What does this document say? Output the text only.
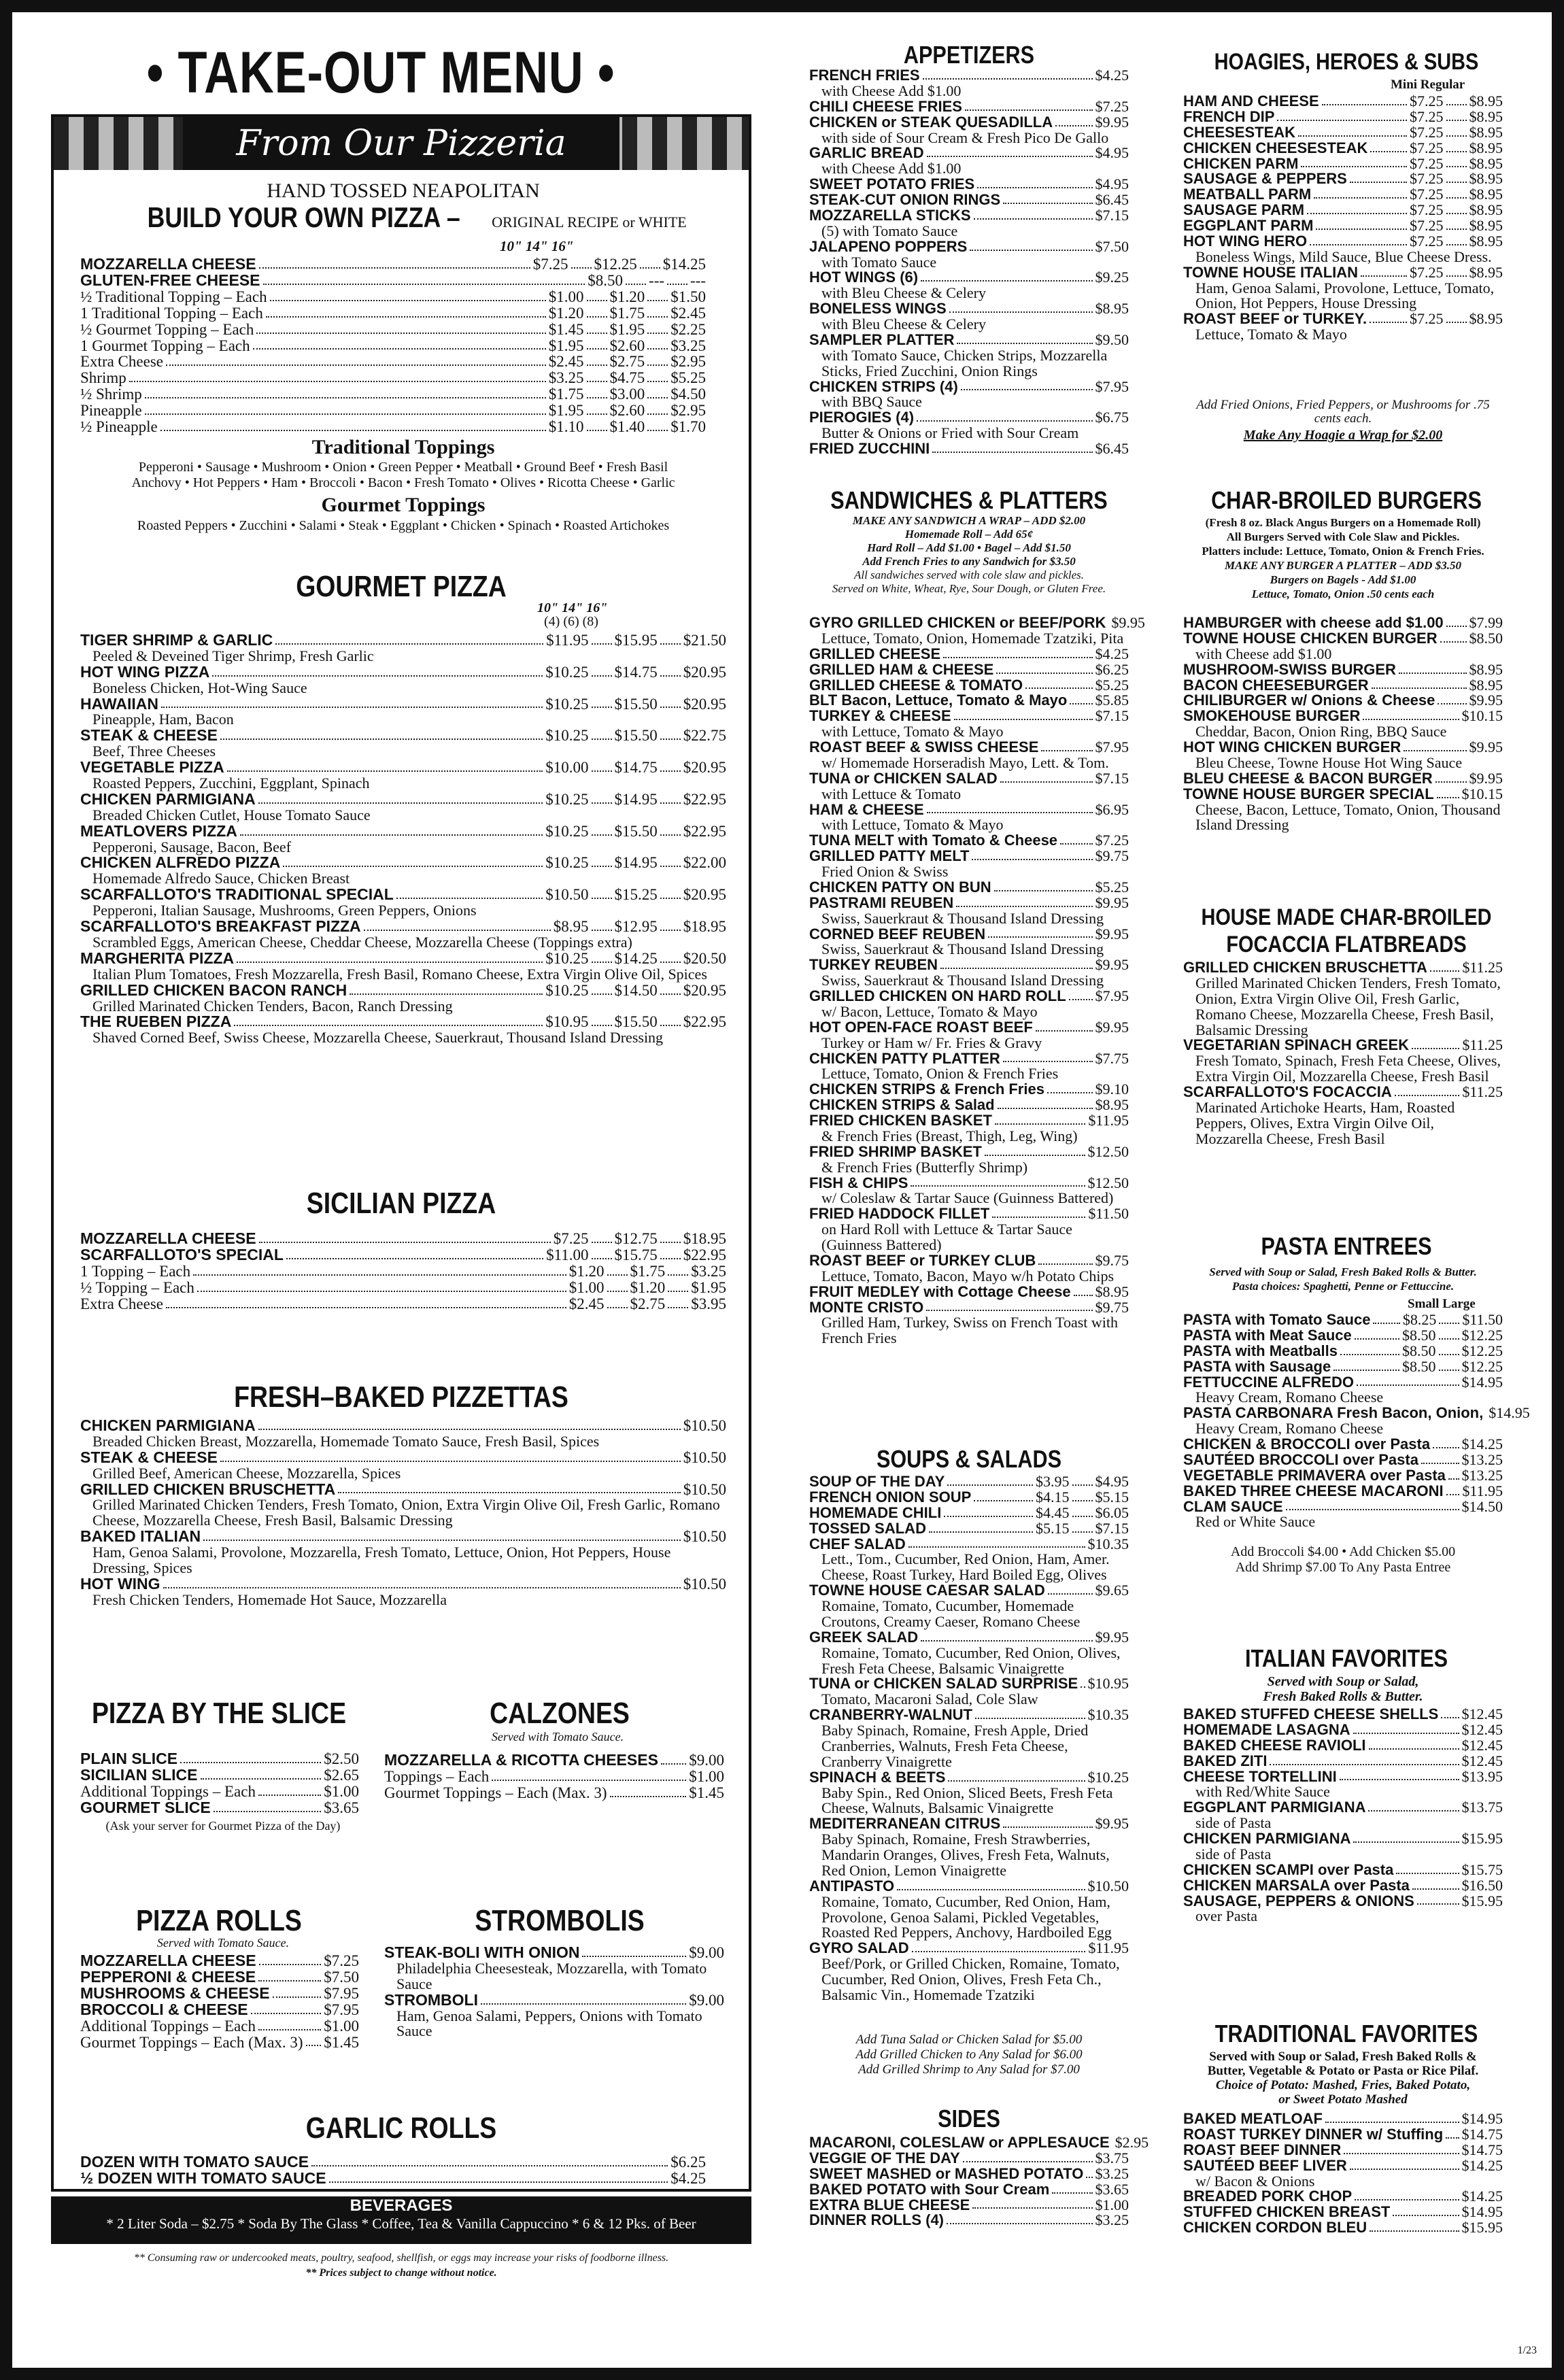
• TAKE-OUT MENU •
From Our Pizzeria
HAND TOSSED NEAPOLITAN
BUILD YOUR OWN PIZZA – ORIGINAL RECIPE or WHITE
10" 14" 16"
MOZZARELLA CHEESE	$7.25 $12.25 $14.25
GLUTEN-FREE CHEESE	$8.50 --- ---
½ Traditional Topping – Each	$1.00 $1.20 $1.50
1 Traditional Topping – Each	$1.20 $1.75 $2.45
½ Gourmet Topping – Each	$1.45 $1.95 $2.25
1 Gourmet Topping – Each	$1.95 $2.60 $3.25
Extra Cheese	$2.45 $2.75 $2.95
Shrimp	$3.25 $4.75 $5.25
½ Shrimp	$1.75 $3.00 $4.50
Pineapple	$1.95 $2.60 $2.95
½ Pineapple	$1.10 $1.40 $1.70
Traditional Toppings
Pepperoni • Sausage • Mushroom • Onion • Green Pepper • Meatball • Ground Beef • Fresh Basil
Anchovy • Hot Peppers • Ham • Broccoli • Bacon • Fresh Tomato • Olives • Ricotta Cheese • Garlic
Gourmet Toppings
Roasted Peppers • Zucchini • Salami • Steak • Eggplant • Chicken • Spinach • Roasted Artichokes
GOURMET PIZZA
10" 14" 16"
(4) (6) (8)
TIGER SHRIMP & GARLIC	$11.95 $15.95 $21.50
Peeled & Deveined Tiger Shrimp, Fresh Garlic
HOT WING PIZZA	$10.25 $14.75 $20.95
Boneless Chicken, Hot-Wing Sauce
HAWAIIAN	$10.25 $15.50 $20.95
Pineapple, Ham, Bacon
STEAK & CHEESE	$10.25 $15.50 $22.75
Beef, Three Cheeses
VEGETABLE PIZZA	$10.00 $14.75 $20.95
Roasted Peppers, Zucchini, Eggplant, Spinach
CHICKEN PARMIGIANA	$10.25 $14.95 $22.95
Breaded Chicken Cutlet, House Tomato Sauce
MEATLOVERS PIZZA	$10.25 $15.50 $22.95
Pepperoni, Sausage, Bacon, Beef
CHICKEN ALFREDO PIZZA	$10.25 $14.95 $22.00
Homemade Alfredo Sauce, Chicken Breast
SCARFALLOTO'S TRADITIONAL SPECIAL	$10.50 $15.25 $20.95
Pepperoni, Italian Sausage, Mushrooms, Green Peppers, Onions
SCARFALLOTO'S BREAKFAST PIZZA	$8.95 $12.95 $18.95
Scrambled Eggs, American Cheese, Cheddar Cheese, Mozzarella Cheese (Toppings extra)
MARGHERITA PIZZA	$10.25 $14.25 $20.50
Italian Plum Tomatoes, Fresh Mozzarella, Fresh Basil, Romano Cheese, Extra Virgin Olive Oil, Spices
GRILLED CHICKEN BACON RANCH	$10.25 $14.50 $20.95
Grilled Marinated Chicken Tenders, Bacon, Ranch Dressing
THE RUEBEN PIZZA	$10.95 $15.50 $22.95
Shaved Corned Beef, Swiss Cheese, Mozzarella Cheese, Sauerkraut, Thousand Island Dressing
SICILIAN PIZZA
MOZZARELLA CHEESE	$7.25 $12.75 $18.95
SCARFALLOTO'S SPECIAL	$11.00 $15.75 $22.95
1 Topping – Each	$1.20 $1.75 $3.25
½ Topping – Each	$1.00 $1.20 $1.95
Extra Cheese	$2.45 $2.75 $3.95
FRESH–BAKED PIZZETTAS
CHICKEN PARMIGIANA	$10.50
Breaded Chicken Breast, Mozzarella, Homemade Tomato Sauce, Fresh Basil, Spices
STEAK & CHEESE	$10.50
Grilled Beef, American Cheese, Mozzarella, Spices
GRILLED CHICKEN BRUSCHETTA	$10.50
Grilled Marinated Chicken Tenders, Fresh Tomato, Onion, Extra Virgin Olive Oil, Fresh Garlic, Romano Cheese, Mozzarella Cheese, Fresh Basil, Balsamic Dressing
BAKED ITALIAN	$10.50
Ham, Genoa Salami, Provolone, Mozzarella, Fresh Tomato, Lettuce, Onion, Hot Peppers, House Dressing, Spices
HOT WING	$10.50
Fresh Chicken Tenders, Homemade Hot Sauce, Mozzarella
PIZZA BY THE SLICE
PLAIN SLICE	$2.50
SICILIAN SLICE	$2.65
Additional Toppings – Each	$1.00
GOURMET SLICE	$3.65
(Ask your server for Gourmet Pizza of the Day)
CALZONES
Served with Tomato Sauce.
MOZZARELLA & RICOTTA CHEESES $9.00
Toppings – Each	$1.00
Gourmet Toppings – Each (Max. 3)	$1.45
PIZZA ROLLS
Served with Tomato Sauce.
MOZZARELLA CHEESE	$7.25
PEPPERONI & CHEESE	$7.50
MUSHROOMS & CHEESE	$7.95
BROCCOLI & CHEESE	$7.95
Additional Toppings – Each	$1.00
Gourmet Toppings – Each (Max. 3) $1.45
STROMBOLIS
STEAK-BOLI WITH ONION	$9.00
Philadelphia Cheesesteak, Mozzarella, with Tomato Sauce
STROMBOLI	$9.00
Ham, Genoa Salami, Peppers, Onions with Tomato Sauce
GARLIC ROLLS
DOZEN WITH TOMATO SAUCE	$6.25
½ DOZEN WITH TOMATO SAUCE	$4.25
APPETIZERS
FRENCH FRIES	$4.25
with Cheese Add $1.00
CHILI CHEESE FRIES	$7.25
CHICKEN or STEAK QUESADILLA	$9.95
with side of Sour Cream & Fresh Pico De Gallo
GARLIC BREAD	$4.95
with Cheese Add $1.00
SWEET POTATO FRIES	$4.95
STEAK-CUT ONION RINGS	$6.45
MOZZARELLA STICKS	$7.15
(5) with Tomato Sauce
JALAPENO POPPERS	$7.50
with Tomato Sauce
HOT WINGS (6)	$9.25
with Bleu Cheese & Celery
BONELESS WINGS	$8.95
with Bleu Cheese & Celery
SAMPLER PLATTER	$9.50
with Tomato Sauce, Chicken Strips, Mozzarella Sticks, Fried Zucchini, Onion Rings
CHICKEN STRIPS (4)	$7.95
with BBQ Sauce
PIEROGIES (4)	$6.75
Butter & Onions or Fried with Sour Cream
FRIED ZUCCHINI	$6.45
SANDWICHES & PLATTERS
MAKE ANY SANDWICH A WRAP – ADD $2.00
Homemade Roll – Add 65¢
Hard Roll – Add $1.00 • Bagel – Add $1.50
Add French Fries to any Sandwich for $3.50
All sandwiches served with cole slaw and pickles.
Served on White, Wheat, Rye, Sour Dough, or Gluten Free.
GYRO GRILLED CHICKEN or BEEF/PORK $9.95
Lettuce, Tomato, Onion, Homemade Tzatziki, Pita
GRILLED CHEESE	$4.25
GRILLED HAM & CHEESE	$6.25
GRILLED CHEESE & TOMATO	$5.25
BLT Bacon, Lettuce, Tomato & Mayo $5.85
TURKEY & CHEESE	$7.15
with Lettuce, Tomato & Mayo
ROAST BEEF & SWISS CHEESE	$7.95
w/ Homemade Horseradish Mayo, Lett. & Tom.
TUNA or CHICKEN SALAD	$7.15
with Lettuce & Tomato
HAM & CHEESE	$6.95
with Lettuce, Tomato & Mayo
TUNA MELT with Tomato & Cheese	$7.25
GRILLED PATTY MELT	$9.75
Fried Onion & Swiss
CHICKEN PATTY ON BUN	$5.25
PASTRAMI REUBEN	$9.95
Swiss, Sauerkraut & Thousand Island Dressing
CORNED BEEF REUBEN	$9.95
Swiss, Sauerkraut & Thousand Island Dressing
TURKEY REUBEN	$9.95
Swiss, Sauerkraut & Thousand Island Dressing
GRILLED CHICKEN ON HARD ROLL $7.95
w/ Bacon, Lettuce, Tomato & Mayo
HOT OPEN-FACE ROAST BEEF	$9.95
Turkey or Ham w/ Fr. Fries & Gravy
CHICKEN PATTY PLATTER	$7.75
Lettuce, Tomato, Onion & French Fries
CHICKEN STRIPS & French Fries	$9.10
CHICKEN STRIPS & Salad	$8.95
FRIED CHICKEN BASKET	$11.95
& French Fries (Breast, Thigh, Leg, Wing)
FRIED SHRIMP BASKET	$12.50
& French Fries (Butterfly Shrimp)
FISH & CHIPS	$12.50
w/ Coleslaw & Tartar Sauce (Guinness Battered)
FRIED HADDOCK FILLET	$11.50
on Hard Roll with Lettuce & Tartar Sauce (Guinness Battered)
ROAST BEEF or TURKEY CLUB	$9.75
Lettuce, Tomato, Bacon, Mayo w/h Potato Chips
FRUIT MEDLEY with Cottage Cheese $8.95
MONTE CRISTO	$9.75
Grilled Ham, Turkey, Swiss on French Toast with French Fries
SOUPS & SALADS
SOUP OF THE DAY	$3.95 $4.95
FRENCH ONION SOUP	$4.15 $5.15
HOMEMADE CHILI	$4.45 $6.05
TOSSED SALAD	$5.15 $7.15
CHEF SALAD	$10.35
Lett., Tom., Cucumber, Red Onion, Ham, Amer. Cheese, Roast Turkey, Hard Boiled Egg, Olives
TOWNE HOUSE CAESAR SALAD	$9.65
Romaine, Tomato, Cucumber, Homemade Croutons, Creamy Caeser, Romano Cheese
GREEK SALAD	$9.95
Romaine, Tomato, Cucumber, Red Onion, Olives, Fresh Feta Cheese, Balsamic Vinaigrette
TUNA or CHICKEN SALAD SURPRISE $10.95
Tomato, Macaroni Salad, Cole Slaw
CRANBERRY-WALNUT	$10.35
Baby Spinach, Romaine, Fresh Apple, Dried Cranberries, Walnuts, Fresh Feta Cheese, Cranberry Vinaigrette
SPINACH & BEETS	$10.25
Baby Spin., Red Onion, Sliced Beets, Fresh Feta Cheese, Walnuts, Balsamic Vinaigrette
MEDITERRANEAN CITRUS	$9.95
Baby Spinach, Romaine, Fresh Strawberries, Mandarin Oranges, Olives, Fresh Feta, Walnuts, Red Onion, Lemon Vinaigrette
ANTIPASTO	$10.50
Romaine, Tomato, Cucumber, Red Onion, Ham, Provolone, Genoa Salami, Pickled Vegetables, Roasted Red Peppers, Anchovy, Hardboiled Egg
GYRO SALAD	$11.95
Beef/Pork, or Grilled Chicken, Romaine, Tomato, Cucumber, Red Onion, Olives, Fresh Feta Ch., Balsamic Vin., Homemade Tzatziki
Add Tuna Salad or Chicken Salad for $5.00
Add Grilled Chicken to Any Salad for $6.00
Add Grilled Shrimp to Any Salad for $7.00
SIDES
MACARONI, COLESLAW or APPLESAUCE $2.95
VEGGIE OF THE DAY	$3.75
SWEET MASHED or MASHED POTATO $3.25
BAKED POTATO with Sour Cream	$3.65
EXTRA BLUE CHEESE	$1.00
DINNER ROLLS (4)	$3.25
HOAGIES, HEROES & SUBS
Mini Regular
HAM AND CHEESE	$7.25 $8.95
FRENCH DIP	$7.25 $8.95
CHEESESTEAK	$7.25 $8.95
CHICKEN CHEESESTEAK	$7.25 $8.95
CHICKEN PARM	$7.25 $8.95
SAUSAGE & PEPPERS	$7.25 $8.95
MEATBALL PARM	$7.25 $8.95
SAUSAGE PARM	$7.25 $8.95
EGGPLANT PARM	$7.25 $8.95
HOT WING HERO	$7.25 $8.95
Boneless Wings, Mild Sauce, Blue Cheese Dress.
TOWNE HOUSE ITALIAN	$7.25 $8.95
Ham, Genoa Salami, Provolone, Lettuce, Tomato, Onion, Hot Peppers, House Dressing
ROAST BEEF or TURKEY.	$7.25 $8.95
Lettuce, Tomato & Mayo
Add Fried Onions, Fried Peppers, or Mushrooms for .75 cents each.
Make Any Hoagie a Wrap for $2.00
CHAR-BROILED BURGERS
(Fresh 8 oz. Black Angus Burgers on a Homemade Roll)
All Burgers Served with Cole Slaw and Pickles.
Platters include: Lettuce, Tomato, Onion & French Fries.
MAKE ANY BURGER A PLATTER – ADD $3.50
Burgers on Bagels - Add $1.00
Lettuce, Tomato, Onion .50 cents each
HAMBURGER with cheese add $1.00 $7.99
TOWNE HOUSE CHICKEN BURGER $8.50
with Cheese add $1.00
MUSHROOM-SWISS BURGER	$8.95
BACON CHEESEBURGER	$8.95
CHILIBURGER w/ Onions & Cheese $9.95
SMOKEHOUSE BURGER	$10.15
Cheddar, Bacon, Onion Ring, BBQ Sauce
HOT WING CHICKEN BURGER	$9.95
Bleu Cheese, Towne House Hot Wing Sauce
BLEU CHEESE & BACON BURGER $9.95
TOWNE HOUSE BURGER SPECIAL $10.15
Cheese, Bacon, Lettuce, Tomato, Onion, Thousand Island Dressing
HOUSE MADE CHAR-BROILED
FOCACCIA FLATBREADS
GRILLED CHICKEN BRUSCHETTA $11.25
Grilled Marinated Chicken Tenders, Fresh Tomato, Onion, Extra Virgin Olive Oil, Fresh Garlic, Romano Cheese, Mozzarella Cheese, Fresh Basil, Balsamic Dressing
VEGETARIAN SPINACH GREEK	$11.25
Fresh Tomato, Spinach, Fresh Feta Cheese, Olives, Extra Virgin Oil, Mozzarella Cheese, Fresh Basil
SCARFALLOTO'S FOCACCIA	$11.25
Marinated Artichoke Hearts, Ham, Roasted Peppers, Olives, Extra Virgin Oilve Oil, Mozzarella Cheese, Fresh Basil
PASTA ENTREES
Served with Soup or Salad, Fresh Baked Rolls & Butter.
Pasta choices: Spaghetti, Penne or Fettuccine.
Small Large
PASTA with Tomato Sauce $8.25 $11.50
PASTA with Meat Sauce	$8.50 $12.25
PASTA with Meatballs	$8.50 $12.25
PASTA with Sausage	$8.50 $12.25
FETTUCCINE ALFREDO	$14.95
Heavy Cream, Romano Cheese
PASTA CARBONARA Fresh Bacon, Onion, $14.95
Heavy Cream, Romano Cheese
CHICKEN & BROCCOLI over Pasta $14.25
SAUTÉED BROCCOLI over Pasta	$13.25
VEGETABLE PRIMAVERA over Pasta $13.25
BAKED THREE CHEESE MACARONI $11.95
CLAM SAUCE	$14.50
Red or White Sauce
Add Broccoli $4.00 • Add Chicken $5.00
Add Shrimp $7.00 To Any Pasta Entree
ITALIAN FAVORITES
Served with Soup or Salad,
Fresh Baked Rolls & Butter.
BAKED STUFFED CHEESE SHELLS $12.45
HOMEMADE LASAGNA	$12.45
BAKED CHEESE RAVIOLI	$12.45
BAKED ZITI	$12.45
CHEESE TORTELLINI	$13.95
with Red/White Sauce
EGGPLANT PARMIGIANA	$13.75
side of Pasta
CHICKEN PARMIGIANA	$15.95
side of Pasta
CHICKEN SCAMPI over Pasta	$15.75
CHICKEN MARSALA over Pasta	$16.50
SAUSAGE, PEPPERS & ONIONS	$15.95
over Pasta
TRADITIONAL FAVORITES
Served with Soup or Salad, Fresh Baked Rolls &
Butter, Vegetable & Potato or Pasta or Rice Pilaf.
Choice of Potato: Mashed, Fries, Baked Potato,
or Sweet Potato Mashed
BAKED MEATLOAF	$14.95
ROAST TURKEY DINNER w/ Stuffing $14.75
ROAST BEEF DINNER	$14.75
SAUTÉED BEEF LIVER	$14.25
w/ Bacon & Onions
BREADED PORK CHOP	$14.25
STUFFED CHICKEN BREAST	$14.95
CHICKEN CORDON BLEU	$15.95
BEVERAGES
* 2 Liter Soda – $2.75 * Soda By The Glass * Coffee, Tea & Vanilla Cappuccino * 6 & 12 Pks. of Beer
** Consuming raw or undercooked meats, poultry, seafood, shellfish, or eggs may increase your risks of foodborne illness.
** Prices subject to change without notice.
1/23
